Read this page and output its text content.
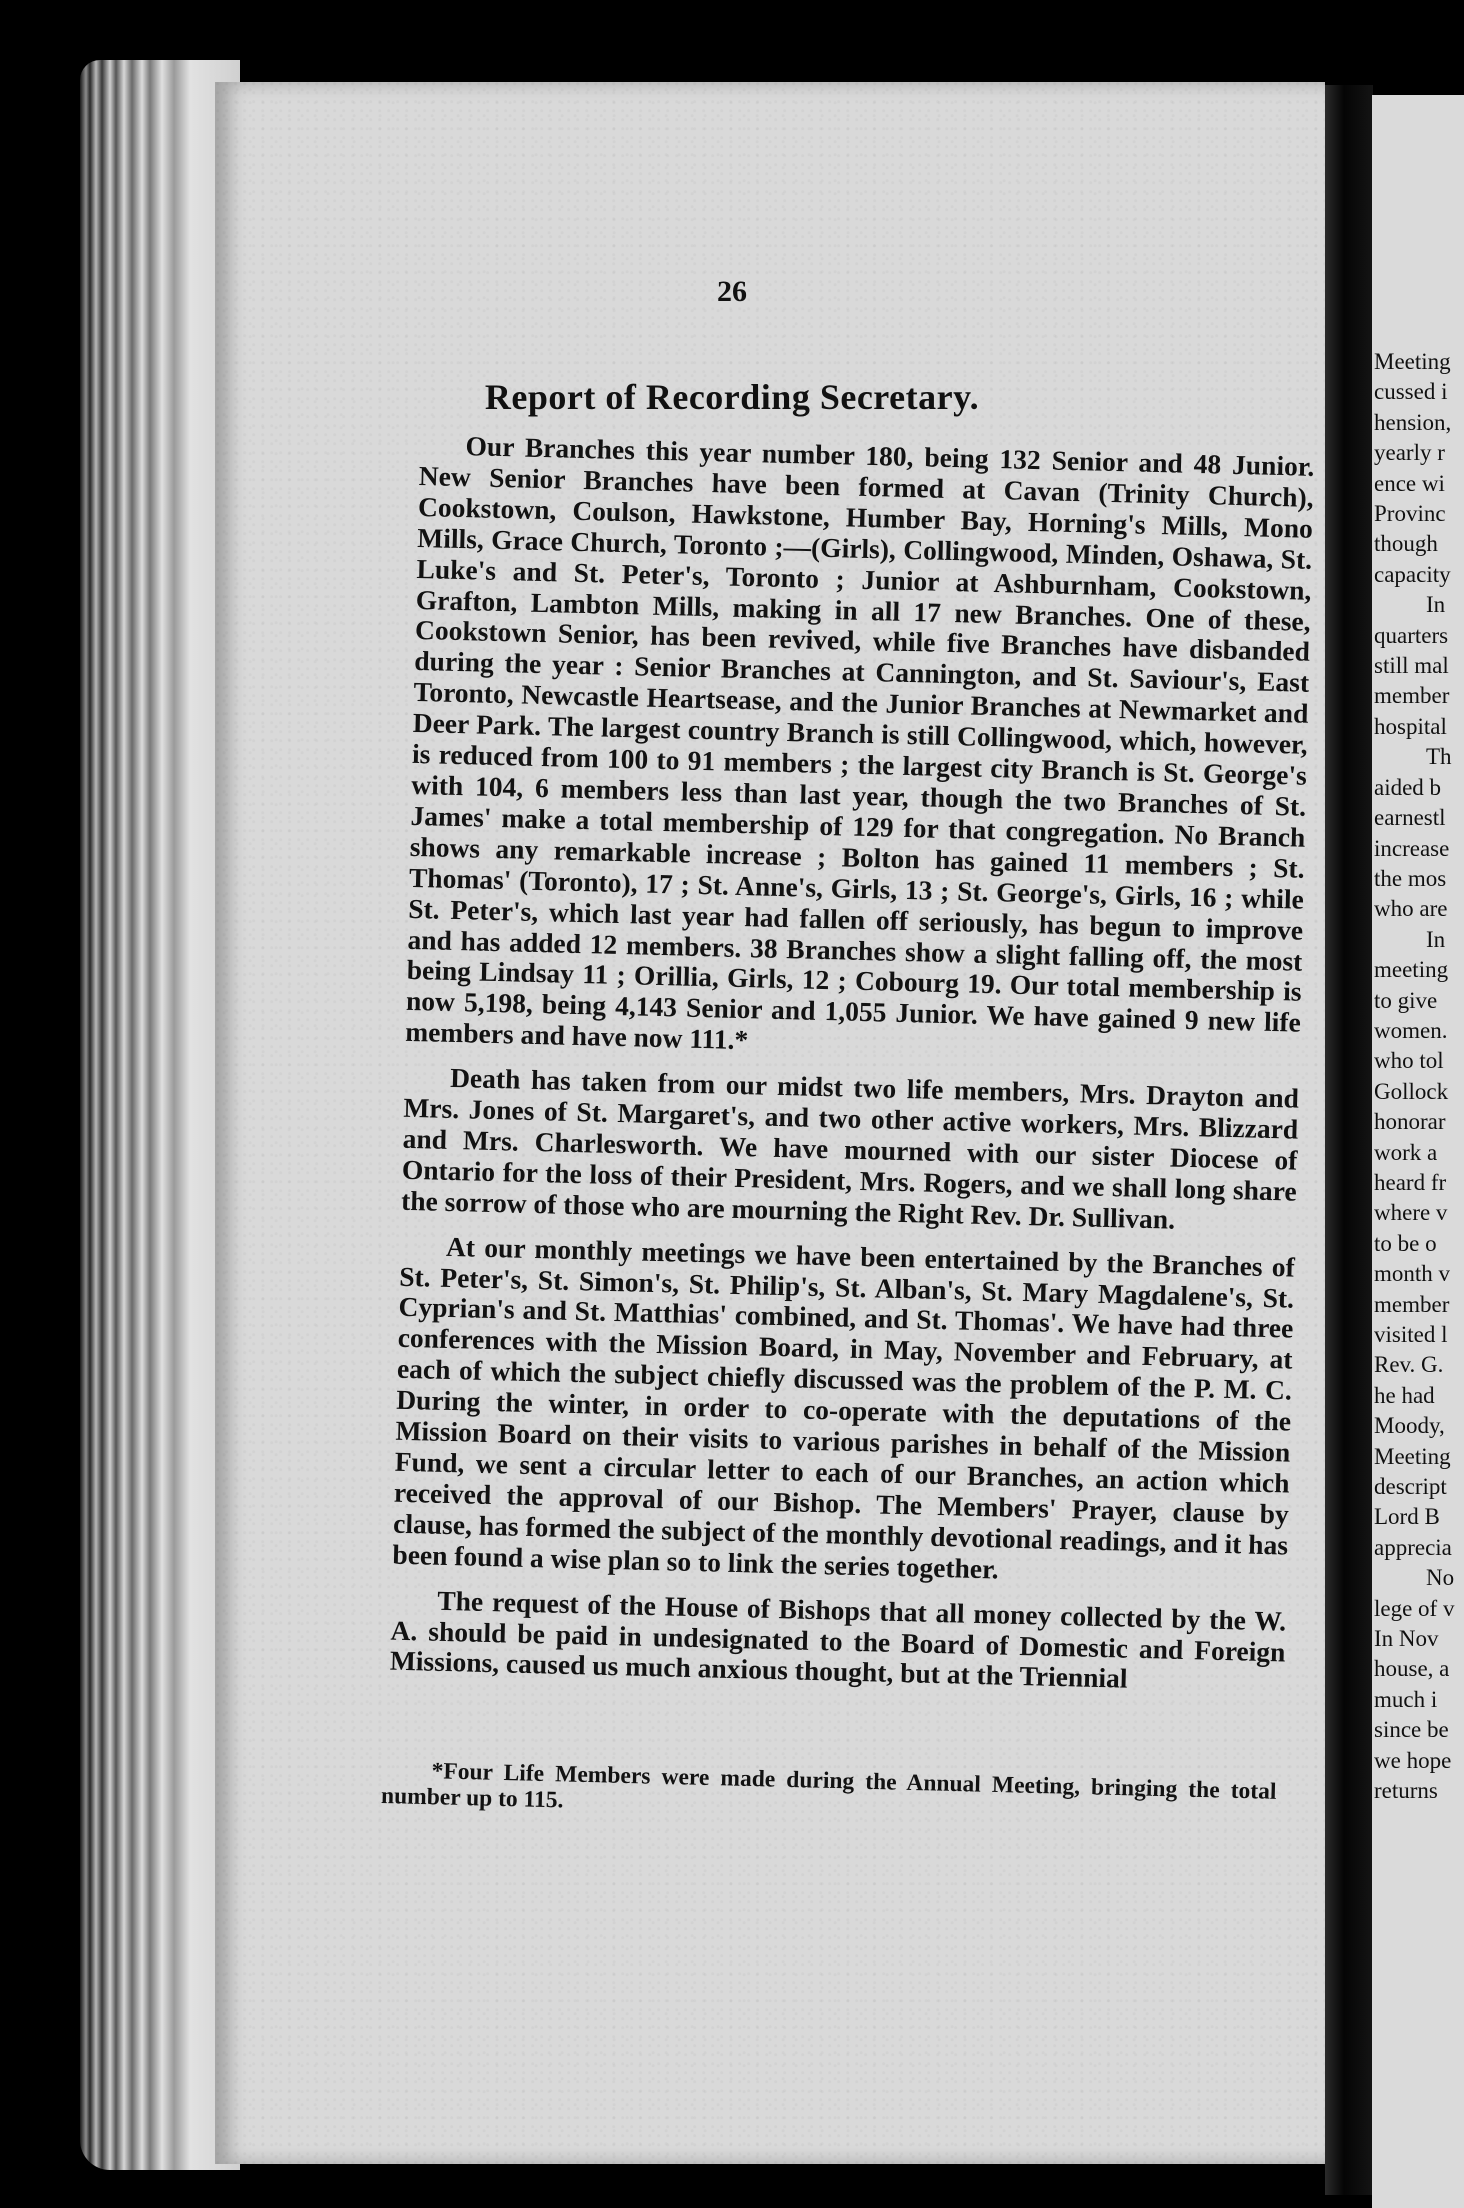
Meeting
cussed i
hension,
yearly r
ence wi
Provinc
though
capacity
In
quarters
still mal
member
hospital
Th
aided b
earnestl
increase
the mos
who are
In
meeting
to give
women.
who tol
Gollock
honorar
work a
heard fr
where v
to be o
month v
member
visited l
Rev. G.
he had
Moody,
Meeting
descript
Lord B
apprecia
No
lege of v
In Nov
house, a
much i
since be
we hope
returns
26
Report of Recording Secretary.

Our Branches this year number 180, being 132 Senior and 48 Junior. New Senior Branches have been formed at Cavan (Trinity Church), Cookstown, Coulson, Hawkstone, Humber Bay, Horning's Mills, Mono Mills, Grace Church, Toronto ;—(Girls), Collingwood, Minden, Oshawa, St. Luke's and St. Peter's, Toronto ; Junior at Ashburnham, Cookstown, Grafton, Lambton Mills, making in all 17 new Branches. One of these, Cookstown Senior, has been revived, while five Branches have disbanded during the year : Senior Branches at Cannington, and St. Saviour's, East Toronto, Newcastle Heartsease, and the Junior Branches at Newmarket and Deer Park. The largest country Branch is still Collingwood, which, however, is reduced from 100 to 91 members ; the largest city Branch is St. George's with 104, 6 members less than last year, though the two Branches of St. James' make a total membership of 129 for that congregation. No Branch shows any remarkable increase ; Bolton has gained 11 members ; St. Thomas' (Toronto), 17 ; St. Anne's, Girls, 13 ; St. George's, Girls, 16 ; while St. Peter's, which last year had fallen off seriously, has begun to improve and has added 12 members. 38 Branches show a slight falling off, the most being Lindsay 11 ; Orillia, Girls, 12 ; Cobourg 19. Our total membership is now 5,198, being 4,143 Senior and 1,055 Junior. We have gained 9 new life members and have now 111.*

Death has taken from our midst two life members, Mrs. Drayton and Mrs. Jones of St. Margaret's, and two other active workers, Mrs. Blizzard and Mrs. Charlesworth. We have mourned with our sister Diocese of Ontario for the loss of their President, Mrs. Rogers, and we shall long share the sorrow of those who are mourning the Right Rev. Dr. Sullivan.

At our monthly meetings we have been entertained by the Branches of St. Peter's, St. Simon's, St. Philip's, St. Alban's, St. Mary Magdalene's, St. Cyprian's and St. Matthias' combined, and St. Thomas'. We have had three conferences with the Mission Board, in May, November and February, at each of which the subject chiefly discussed was the problem of the P. M. C. During the winter, in order to co-operate with the deputations of the Mission Board on their visits to various parishes in behalf of the Mission Fund, we sent a circular letter to each of our Branches, an action which received the approval of our Bishop. The Members' Prayer, clause by clause, has formed the subject of the monthly devotional readings, and it has been found a wise plan so to link the series together.

The request of the House of Bishops that all money collected by the W. A. should be paid in undesignated to the Board of Domestic and Foreign Missions, caused us much anxious thought, but at the Triennial

*Four Life Members were made during the Annual Meeting, bringing the total number up to 115.
